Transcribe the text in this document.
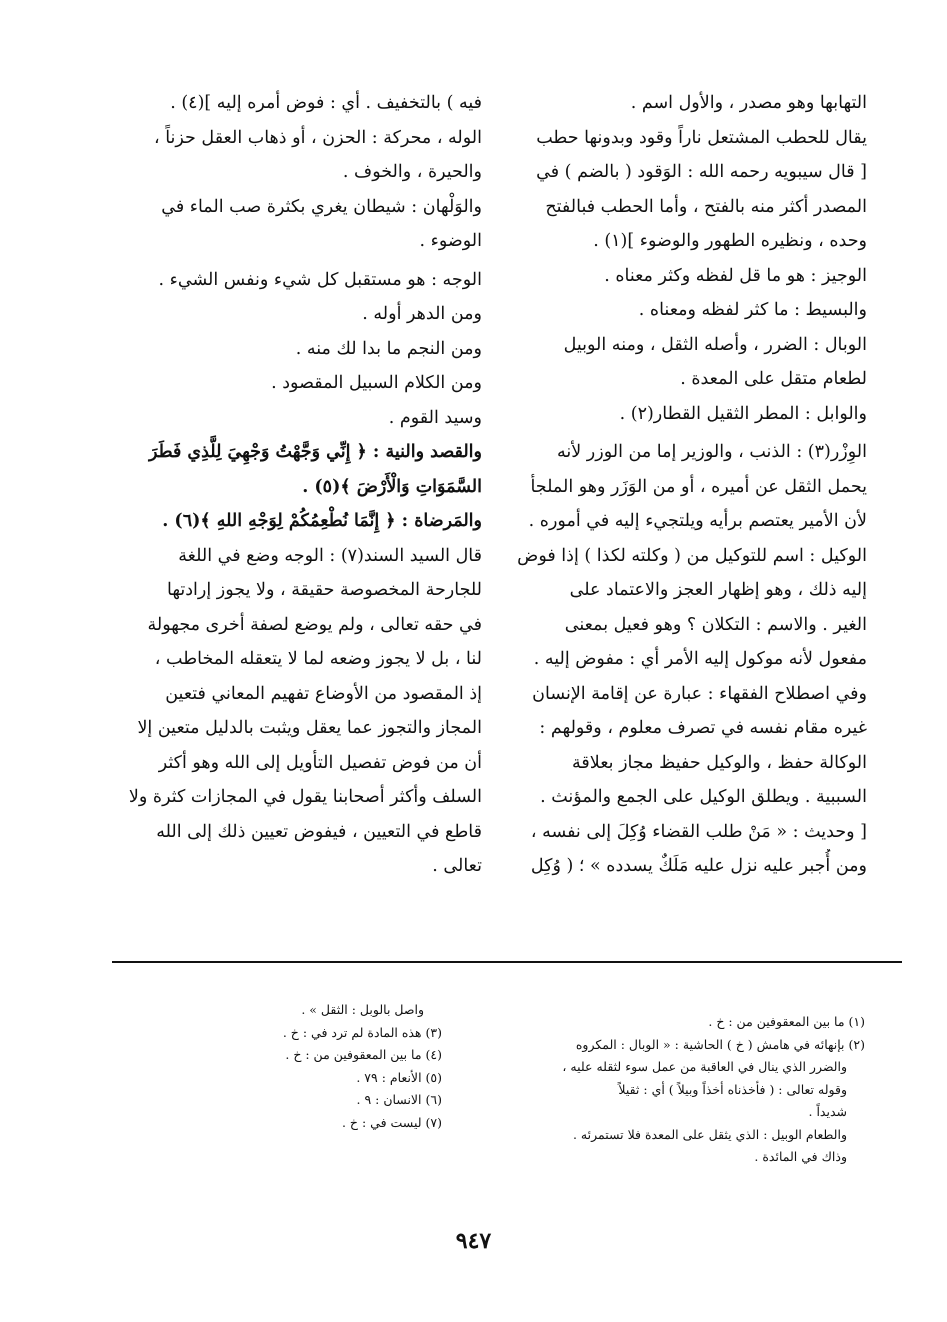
التهابها وهو مصدر ، والأول اسم .
يقال للحطب المشتعل ناراً وقود وبدونها حطب
[ قال سيبويه رحمه الله : الوَقود ( بالضم ) في
المصدر أكثر منه بالفتح ، وأما الحطب فبالفتح
وحده ، ونظيره الطهور والوضوء ](١) .
الوجيز : هو ما قل لفظه وكثر معناه .
والبسيط : ما كثر لفظه ومعناه .
الوبال : الضرر ، وأصله الثقل ، ومنه الوبيل
لطعام متقل على المعدة .
والوابل : المطر الثقيل القطار(٢) .
الوِزْر(٣) : الذنب ، والوزير إما من الوزر لأنه
يحمل الثقل عن أميره ، أو من الوَزَر وهو الملجأ
لأن الأمير يعتصم برأيه ويلتجيء إليه في أموره .
الوكيل : اسم للتوكيل من ( وكلته لكذا ) إذا فوض
إليه ذلك ، وهو إظهار العجز والاعتماد على
الغير . والاسم : التكلان ؟ وهو فعيل بمعنى
مفعول لأنه موكول إليه الأمر أي : مفوض إليه .
وفي اصطلاح الفقهاء : عبارة عن إقامة الإنسان
غيره مقام نفسه في تصرف معلوم ، وقولهم :
الوكالة حفظ ، والوكيل حفيظ مجاز بعلاقة
السببية . ويطلق الوكيل على الجمع والمؤنث .
[ وحديث : « مَنْ طلب القضاء وُكِلَ إلى نفسه ،
ومن أُجبر عليه نزل عليه مَلَكٌ يسدده » ؛ ( وُكِل
فيه ) بالتخفيف . أي : فوض أمره إليه ](٤) .
الوله ، محركة : الحزن ، أو ذهاب العقل حزناً ،
والحيرة ، والخوف .
والوَلْهان : شيطان يغري بكثرة صب الماء في
الوضوء .
الوجه : هو مستقبل كل شيء ونفس الشيء .
ومن الدهر أوله .
ومن النجم ما بدا لك منه .
ومن الكلام السبيل المقصود .
وسيد القوم .
والقصد والنية : ﴿ إِنِّي وَجَّهْتُ وَجْهِيَ لِلَّذِي فَطَرَ
السَّمَوَاتِ وَالْأَرْضَ ﴾(٥) .
والمَرضاة : ﴿ إِنَّمَا نُطْعِمُكُمْ لِوَجْهِ اللهِ ﴾(٦) .
قال السيد السند(٧) : الوجه وضع في اللغة
للجارحة المخصوصة حقيقة ، ولا يجوز إرادتها
في حقه تعالى ، ولم يوضع لصفة أخرى مجهولة
لنا ، بل لا يجوز وضعه لما لا يتعقله المخاطب ،
إذ المقصود من الأوضاع تفهيم المعاني فتعين
المجاز والتجوز عما يعقل ويثبت بالدليل متعين إلا
أن من فوض تفصيل التأويل إلى الله وهو أكثر
السلف وأكثر أصحابنا يقول في المجازات كثرة ولا
قاطع في التعيين ، فيفوض تعيين ذلك إلى الله
تعالى .
(١) ما بين المعقوفين من : خ .
(٢) بإنهائه في هامش ( خ ) الحاشية : « الوبال : المكروه
والضرر الذي ينال في العاقبة من عمل سوء لثقله عليه ،
وقوله تعالى : ( فأخذناه أخذاً وبيلاً ) أي : ثقيلاً
شديداً .
والطعام الوبيل : الذي يثقل على المعدة فلا تستمرئه .
وذاك في المائدة .
واصل بالوبل : الثقل » .
(٣) هذه المادة لم ترد في : خ .
(٤) ما بين المعقوفين من : خ .
(٥) الأنعام : ٧٩ .
(٦) الانسان : ٩ .
(٧) ليست في : خ .
٩٤٧
